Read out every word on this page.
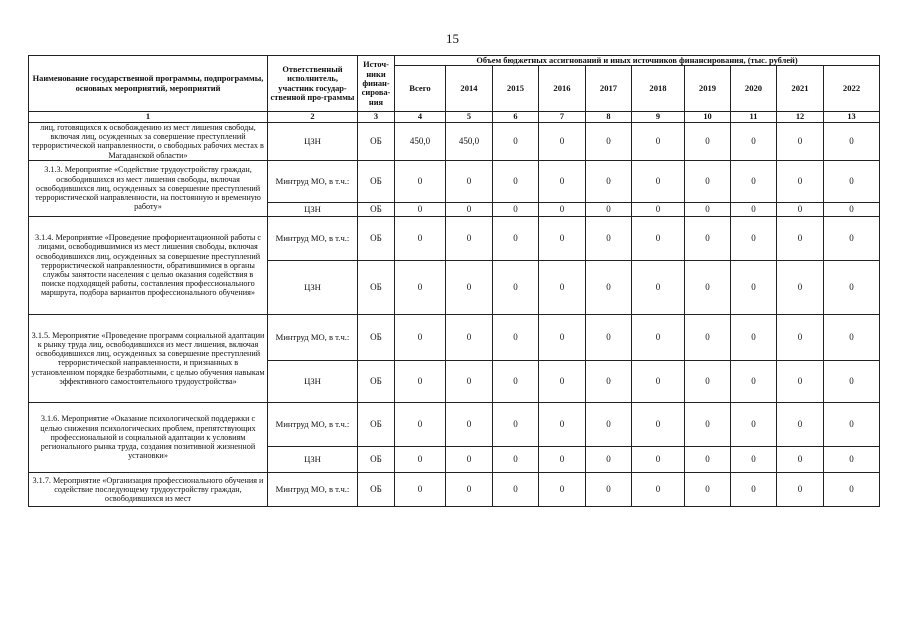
15
Наименование государственной программы, подпрограммы, основных мероприятий, мероприятий	Ответственный исполнитель, участник государ-ственной про-граммы	Источ-ники финан-сирова-ния	Объем бюджетных ассигнований и иных источников финансирования, (тыс. рублей)									
			Всего	2014	2015	2016	2017	2018	2019	2020	2021	2022
1	2	3	4	5	6	7	8	9	10	11	12	13
лиц, готовящихся к освобождению из мест лишения свободы, включая лиц, осужденных за совершение преступлений террористической направленности, о свободных рабочих местах в Магаданской области»	ЦЗН	ОБ	450,0	450,0	0	0	0	0	0	0	0	0
3.1.3. Мероприятие «Содействие трудоустройству граждан, освободившихся из мест лишения свободы, включая освободившихся лиц, осужденных за совершение преступлений террористической направленности, на постоянную и временную работу»	Минтруд МО, в т.ч.:	ОБ	0	0	0	0	0	0	0	0	0	0
	ЦЗН	ОБ	0	0	0	0	0	0	0	0	0	0
3.1.4. Мероприятие «Проведение профориентационной работы с лицами, освободившимися из мест лишения свободы, включая освободившихся лиц, осужденных за совершение преступлений террористической направленности, обратившимися в органы службы занятости населения с целью оказания содействия в поиске подходящей работы, составления профессионального маршрута, подбора вариантов профессионального обучения»	Минтруд МО, в т.ч.:	ОБ	0	0	0	0	0	0	0	0	0	0
	ЦЗН	ОБ	0	0	0	0	0	0	0	0	0	0
3.1.5. Мероприятие «Проведение программ социальной адаптации к рынку труда лиц, освободившихся из мест лишения, включая освободившихся лиц, осужденных за совершение преступлений террористической направленности, и признанных в установленном порядке безработными, с целью обучения навыкам эффективного самостоятельного трудоустройства»	Минтруд МО, в т.ч.:	ОБ	0	0	0	0	0	0	0	0	0	0
	ЦЗН	ОБ	0	0	0	0	0	0	0	0	0	0
3.1.6. Мероприятие «Оказание психологической поддержки с целью снижения психологических проблем, препятствующих профессиональной и социальной адаптации к условиям регионального рынка труда, создания позитивной жизненной установки»	Минтруд МО, в т.ч.:	ОБ	0	0	0	0	0	0	0	0	0	0
	ЦЗН	ОБ	0	0	0	0	0	0	0	0	0	0
3.1.7. Мероприятие «Организация профессионального обучения и содействие последующему трудоустройству граждан, освободившихся из мест	Минтруд МО, в т.ч.:	ОБ	0	0	0	0	0	0	0	0	0	0
